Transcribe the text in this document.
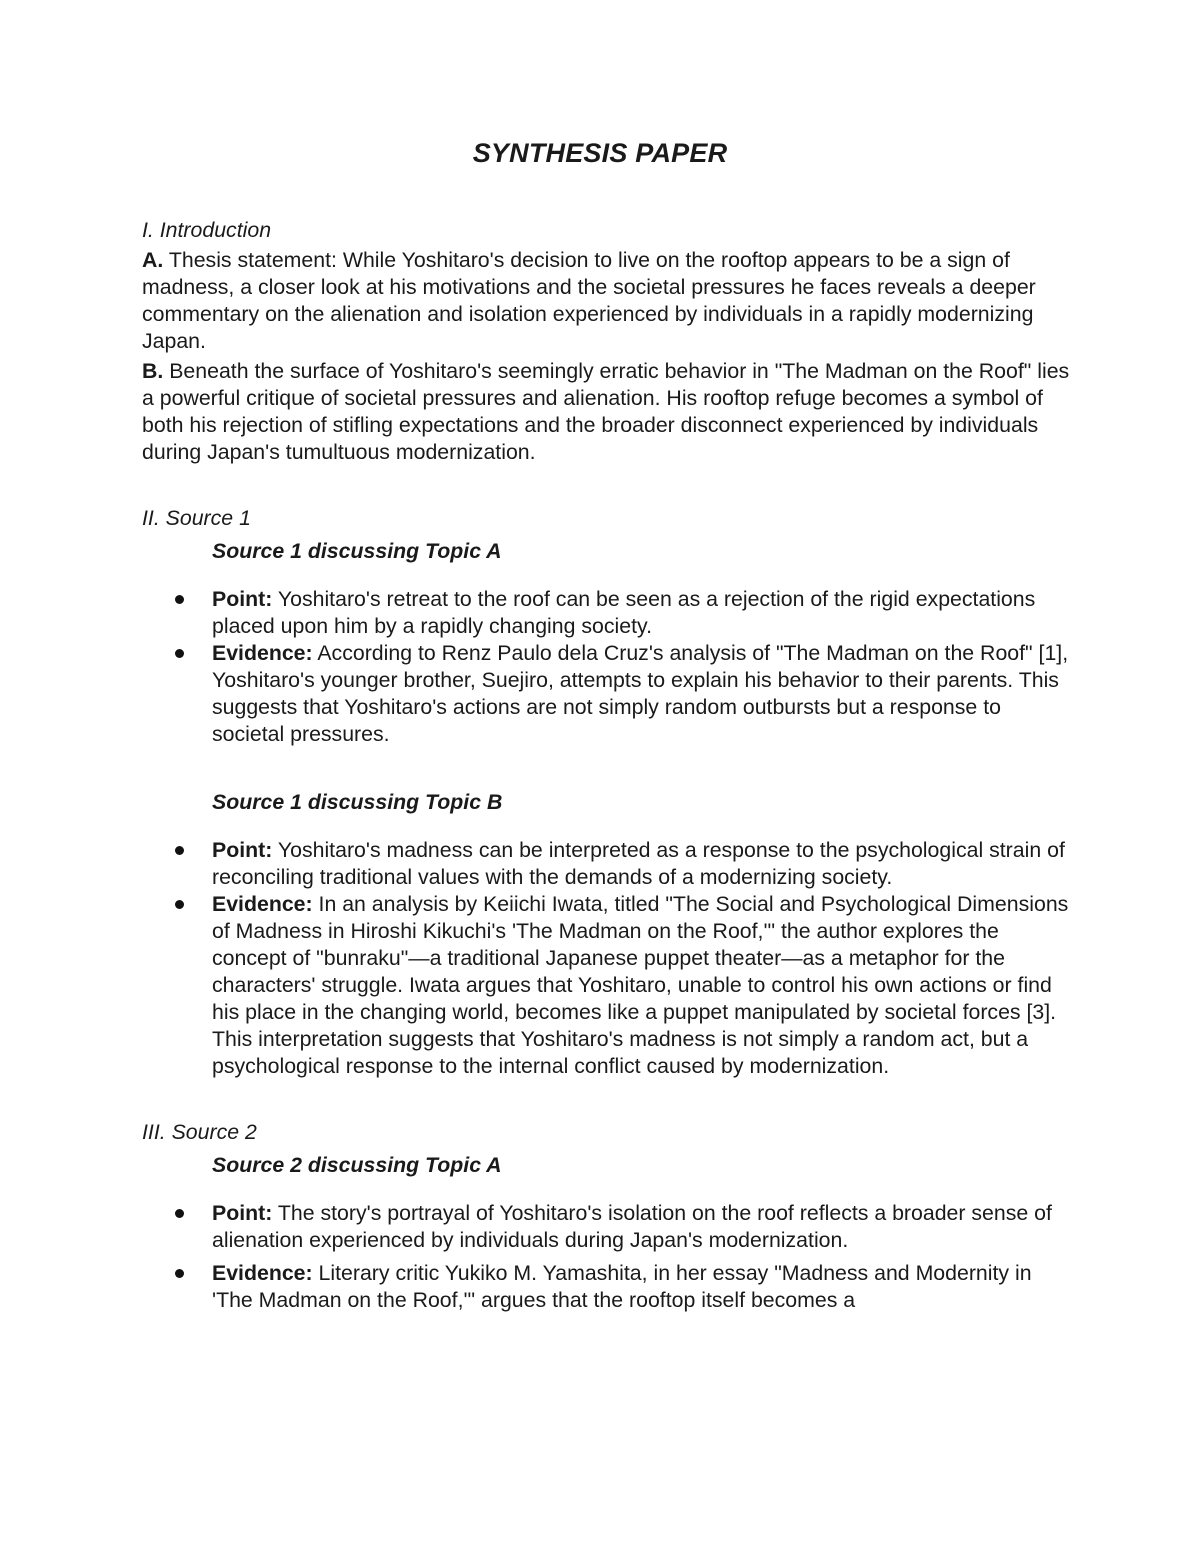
SYNTHESIS PAPER
I. Introduction

A. Thesis statement: While Yoshitaro's decision to live on the rooftop appears to be a sign of madness, a closer look at his motivations and the societal pressures he faces reveals a deeper commentary on the alienation and isolation experienced by individuals in a rapidly modernizing Japan.

B. Beneath the surface of Yoshitaro's seemingly erratic behavior in "The Madman on the Roof" lies a powerful critique of societal pressures and alienation. His rooftop refuge becomes a symbol of both his rejection of stifling expectations and the broader disconnect experienced by individuals during Japan's tumultuous modernization.

II. Source 1
Source 1 discussing Topic A
Point: Yoshitaro's retreat to the roof can be seen as a rejection of the rigid expectations placed upon him by a rapidly changing society.
Evidence: According to Renz Paulo dela Cruz's analysis of "The Madman on the Roof" [1], Yoshitaro's younger brother, Suejiro, attempts to explain his behavior to their parents. This suggests that Yoshitaro's actions are not simply random outbursts but a response to societal pressures.
Source 1 discussing Topic B
Point: Yoshitaro's madness can be interpreted as a response to the psychological strain of reconciling traditional values with the demands of a modernizing society.
Evidence: In an analysis by Keiichi Iwata, titled "The Social and Psychological Dimensions of Madness in Hiroshi Kikuchi's 'The Madman on the Roof,'" the author explores the concept of "bunraku"—a traditional Japanese puppet theater—as a metaphor for the characters' struggle. Iwata argues that Yoshitaro, unable to control his own actions or find his place in the changing world, becomes like a puppet manipulated by societal forces [3]. This interpretation suggests that Yoshitaro's madness is not simply a random act, but a psychological response to the internal conflict caused by modernization.
III. Source 2
Source 2 discussing Topic A
Point: The story's portrayal of Yoshitaro's isolation on the roof reflects a broader sense of alienation experienced by individuals during Japan's modernization.
Evidence: Literary critic Yukiko M. Yamashita, in her essay "Madness and Modernity in 'The Madman on the Roof,'" argues that the rooftop itself becomes a
